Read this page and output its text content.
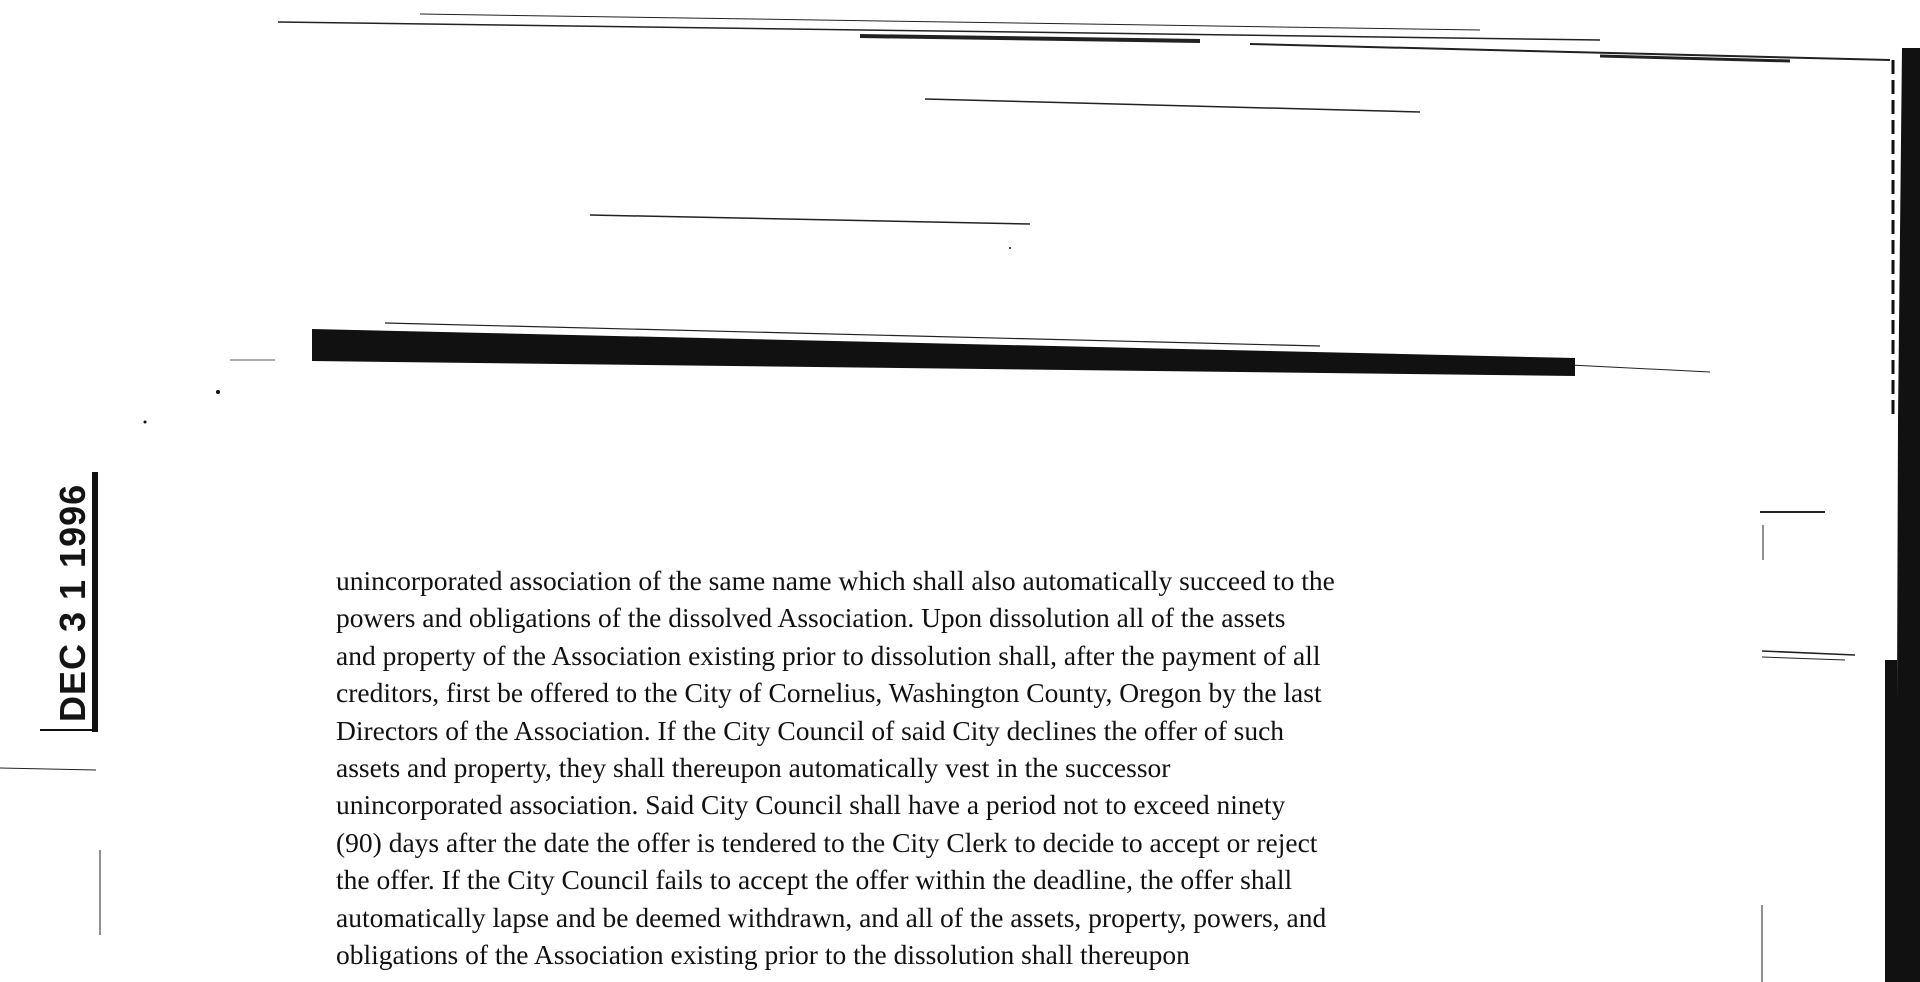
DEC 3 1 1996	unincorporated association of the same name which shall also automatically succeed to the
powers and obligations of the dissolved Association. Upon dissolution all of the assets
and property of the Association existing prior to dissolution shall, after the payment of all
creditors, first be offered to the City of Cornelius, Washington County, Oregon by the last
Directors of the Association. If the City Council of said City declines the offer of such
assets and property, they shall thereupon automatically vest in the successor
unincorporated association. Said City Council shall have a period not to exceed ninety
(90) days after the date the offer is tendered to the City Clerk to decide to accept or reject
the offer. If the City Council fails to accept the offer within the deadline, the offer shall
automatically lapse and be deemed withdrawn, and all of the assets, property, powers, and
obligations of the Association existing prior to the dissolution shall thereupon
